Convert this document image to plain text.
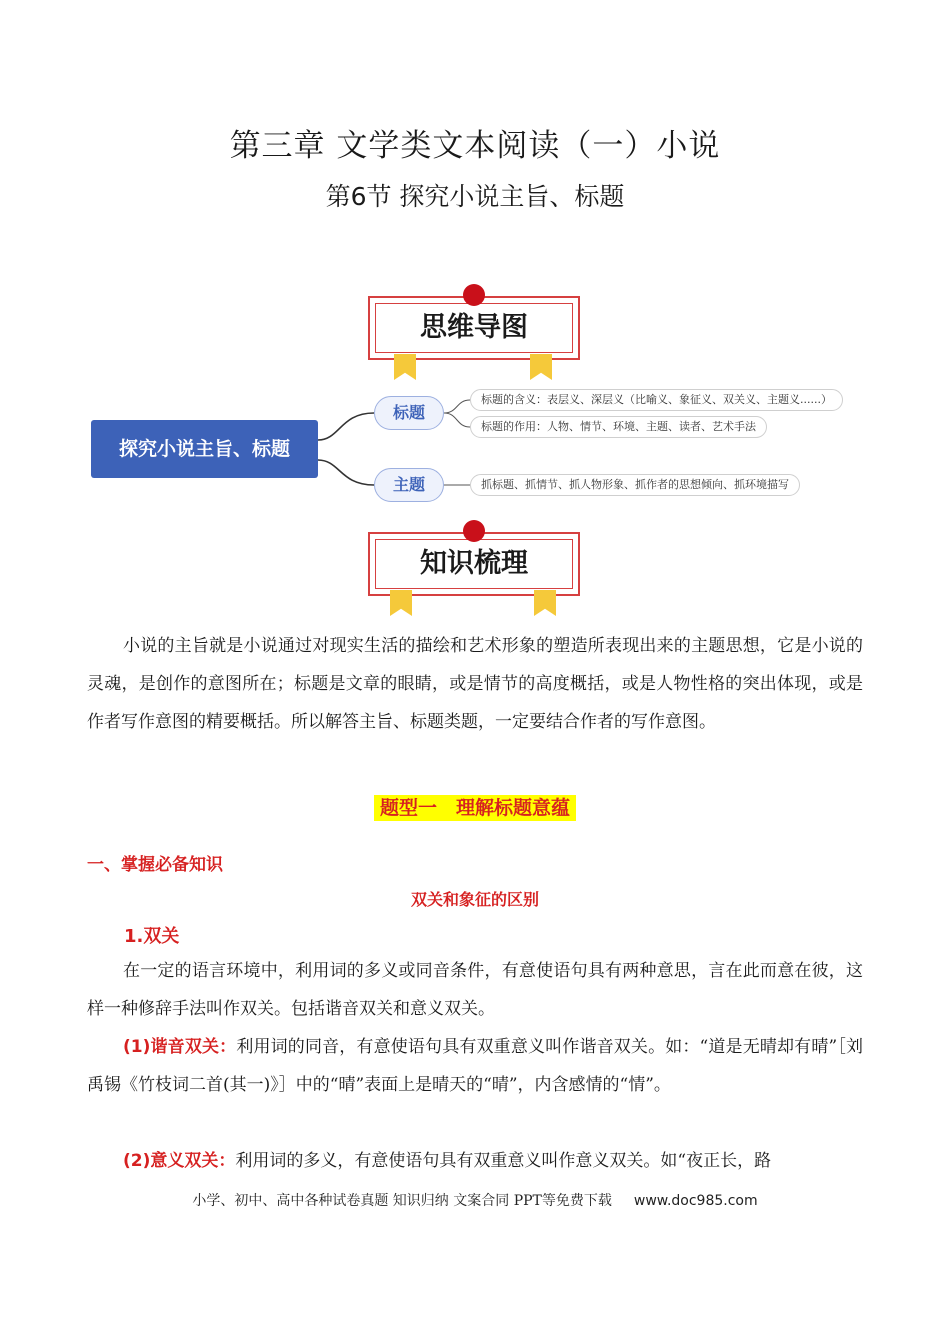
第三章 文学类文本阅读（一）小说
第6节 探究小说主旨、标题
思维导图
探究小说主旨、标题
标题
主题
标题的含义：表层义、深层义（比喻义、象征义、双关义、主题义......）
标题的作用：人物、情节、环境、主题、读者、艺术手法
抓标题、抓情节、抓人物形象、抓作者的思想倾向、抓环境描写
知识梳理

小说的主旨就是小说通过对现实生活的描绘和艺术形象的塑造所表现出来的主题思想，它是小说的灵魂，是创作的意图所在；标题是文章的眼睛，或是情节的高度概括，或是人物性格的突出体现，或是作者写作意图的精要概括。所以解答主旨、标题类题，一定要结合作者的写作意图。

题型一　理解标题意蕴
一、掌握必备知识
双关和象征的区别
1.双关

在一定的语言环境中，利用词的多义或同音条件，有意使语句具有两种意思，言在此而意在彼，这样一种修辞手法叫作双关。包括谐音双关和意义双关。

(1)谐音双关：利用词的同音，有意使语句具有双重意义叫作谐音双关。如：“道是无晴却有晴”［刘禹锡《竹枝词二首(其一)》］中的“晴”表面上是晴天的“晴”，内含感情的“情”。

(2)意义双关：利用词的多义，有意使语句具有双重意义叫作意义双关。如“夜正长，路

小学、初中、高中各种试卷真题 知识归纳 文案合同 PPT等免费下载 www.doc985.com
